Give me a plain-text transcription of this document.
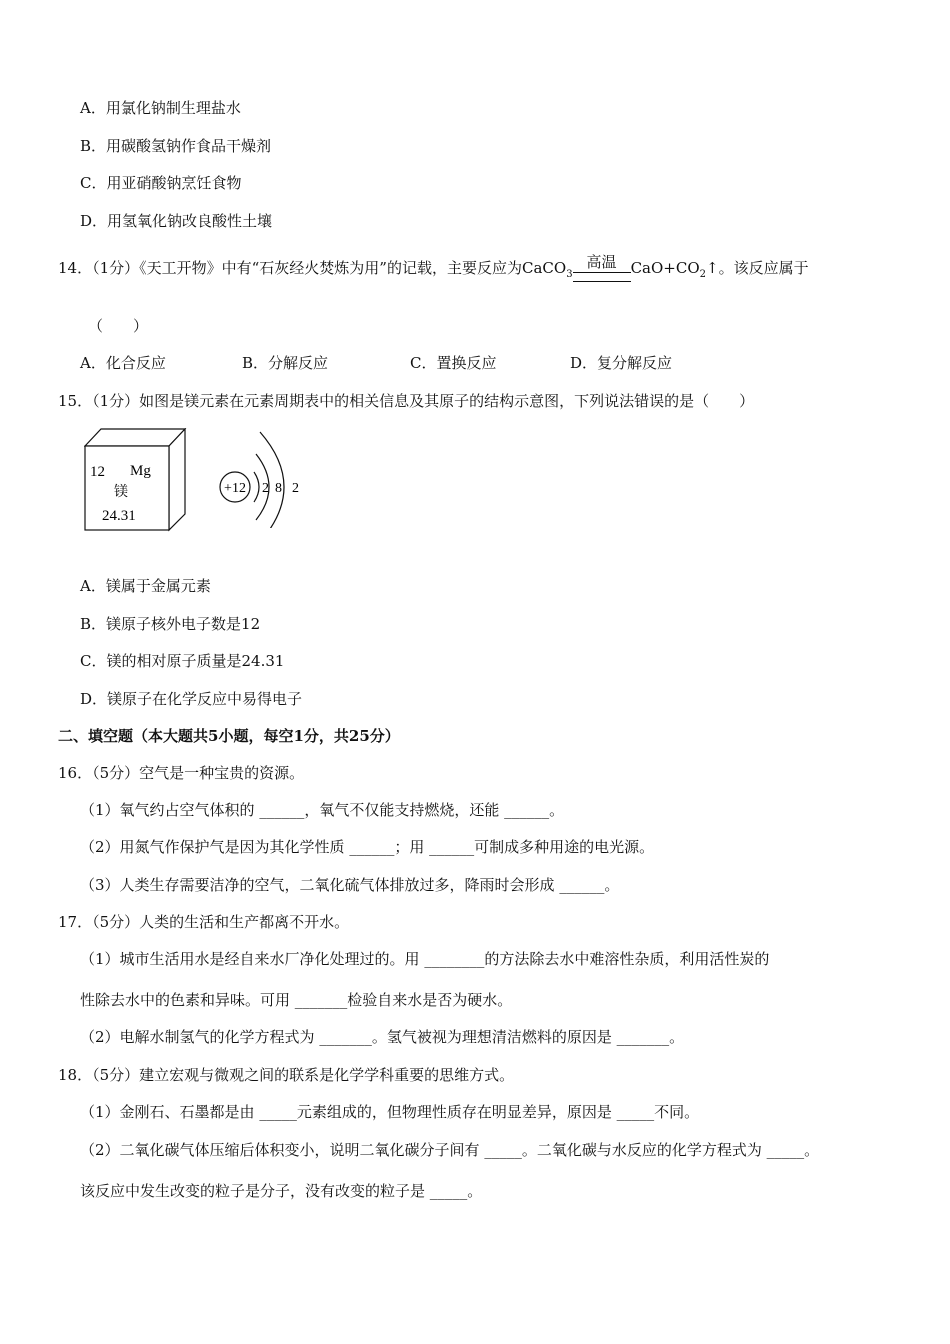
A．用氯化钠制生理盐水
B．用碳酸氢钠作食品干燥剂
C．用亚硝酸钠烹饪食物
D．用氢氧化钠改良酸性土壤
14．（1分）《天工开物》中有“石灰经火焚炼为用”的记载，主要反应为CaCO$_3$
高温 $CaO+CO_2↑$。该反应属于
（　　）
A．化合反应	B．分解反应	C．置换反应	D．复分解反应
15．（1分）如图是镁元素在元素周期表中的相关信息及其原子的结构示意图，下列说法错误的是（　　）
12 Mg
镁
24.31
+12 2 8 2
A．镁属于金属元素
B．镁原子核外电子数是12
C．镁的相对原子质量是24.31
D．镁原子在化学反应中易得电子
二、填空题（本大题共5小题，每空1分，共25分）
16．（5分）空气是一种宝贵的资源。
（1）氧气约占空气体积的 ______，氧气不仅能支持燃烧，还能 ______。
（2）用氮气作保护气是因为其化学性质 ______；用 ______可制成多种用途的电光源。
（3）人类生存需要洁净的空气，二氧化硫气体排放过多，降雨时会形成 ______。
17．（5分）人类的生活和生产都离不开水。
（1）城市生活用水是经自来水厂净化处理过的。用 ________的方法除去水中难溶性杂质，利用活性炭的
性除去水中的色素和异味。可用 _______检验自来水是否为硬水。
（2）电解水制氢气的化学方程式为 _______。氢气被视为理想清洁燃料的原因是 _______。
18．（5分）建立宏观与微观之间的联系是化学学科重要的思维方式。
（1）金刚石、石墨都是由 _____元素组成的，但物理性质存在明显差异，原因是 _____不同。
（2）二氧化碳气体压缩后体积变小，说明二氧化碳分子间有 _____。二氧化碳与水反应的化学方程式为 _____。
该反应中发生改变的粒子是分子，没有改变的粒子是 _____。
